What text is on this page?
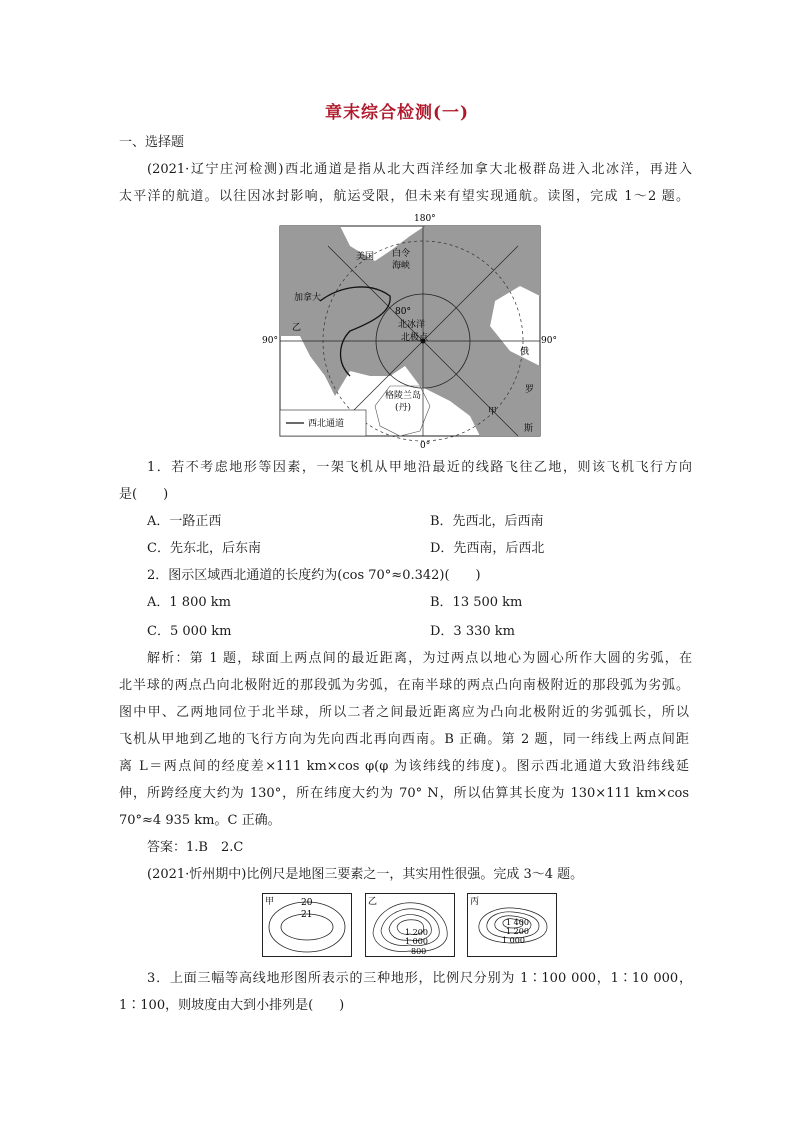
章末综合检测(一)
一、选择题
(2021·辽宁庄河检测)西北通道是指从北大西洋经加拿大北极群岛进入北冰洋，再进入
太平洋的航道。以往因冰封影响，航运受限，但未来有望实现通航。读图，完成 1～2 题。
180°
0°
90°	90°
美国 白令
海峡
加拿大
乙
80°
北冰洋
北极点
格陵兰岛
(丹)
俄
罗
斯
甲
西北通道
1．若不考虑地形等因素，一架飞机从甲地沿最近的线路飞往乙地，则该飞机飞行方向
是(　　)
A．一路正西	B．先西北，后西南
C．先东北，后东南	D．先西南，后西北
2．图示区域西北通道的长度约为(cos 70°≈0.342)(　　)
A．1 800 km	B．13 500 km
C．5 000 km	D．3 330 km
解析：第 1 题，球面上两点间的最近距离，为过两点以地心为圆心所作大圆的劣弧，在
北半球的两点凸向北极附近的那段弧为劣弧，在南半球的两点凸向南极附近的那段弧为劣弧。
图中甲、乙两地同位于北半球，所以二者之间最近距离应为凸向北极附近的劣弧弧长，所以
飞机从甲地到乙地的飞行方向为先向西北再向西南。B 正确。第 2 题，同一纬线上两点间距
离 L＝两点间的经度差×111 km×cos φ(φ 为该纬线的纬度)。图示西北通道大致沿纬线延
伸，所跨经度大约为 130°，所在纬度大约为 70° N，所以估算其长度为 130×111 km×cos
70°≈4 935 km。C 正确。
答案：1.B　2.C
(2021·忻州期中)比例尺是地图三要素之一，其实用性很强。完成 3～4 题。
甲	20
21
乙
1 200
1 000
800
丙
1 400
1 200
1 000
3．上面三幅等高线地形图所表示的三种地形，比例尺分别为 1∶100 000，1∶10 000，
1∶100，则坡度由大到小排列是(　　)
